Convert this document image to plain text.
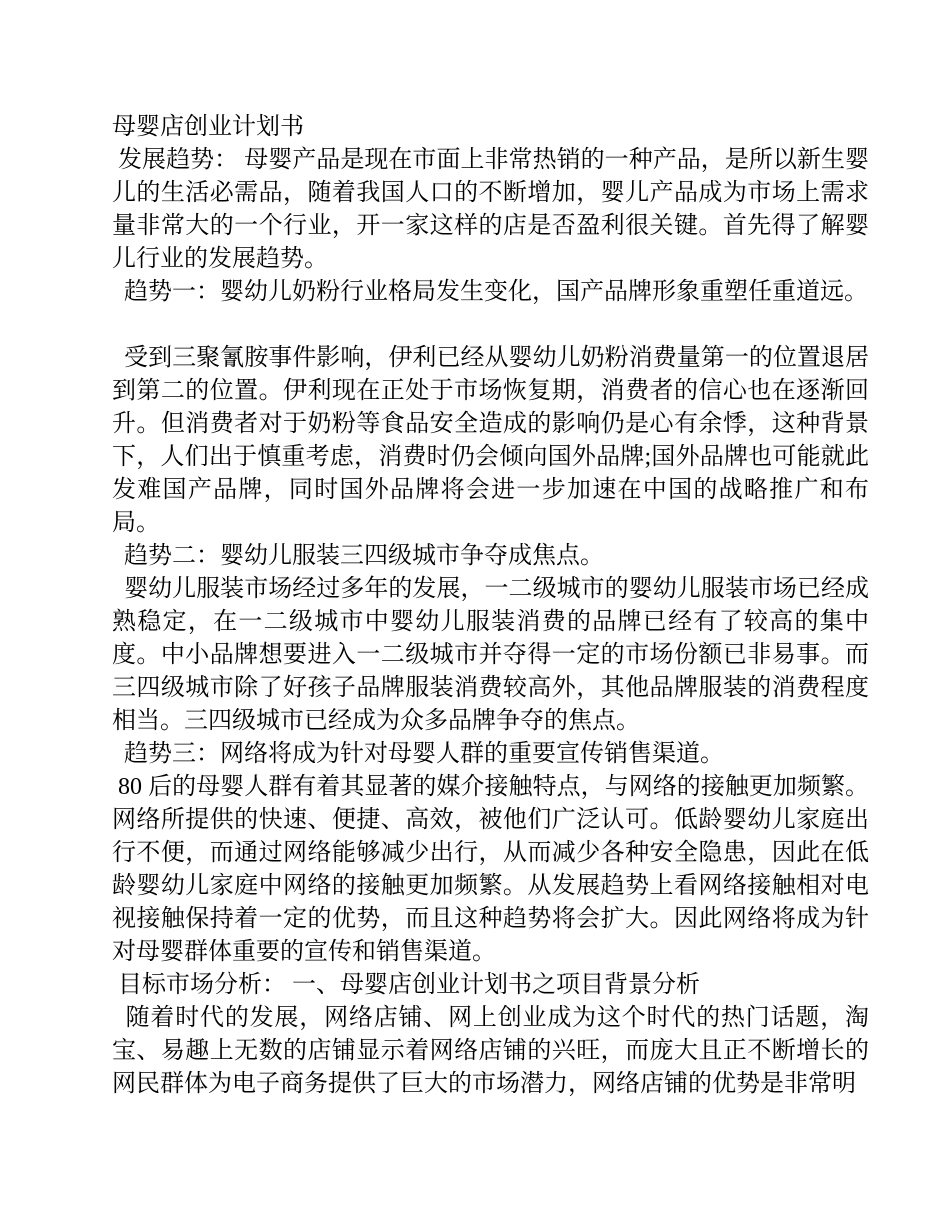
母婴店创业计划书

发展趋势： 母婴产品是现在市面上非常热销的一种产品，是所以新生婴儿的生活必需品，随着我国人口的不断增加，婴儿产品成为市场上需求量非常大的一个行业，开一家这样的店是否盈利很关键。首先得了解婴儿行业的发展趋势。

趋势一：婴幼儿奶粉行业格局发生变化，国产品牌形象重塑任重道远。

受到三聚氰胺事件影响，伊利已经从婴幼儿奶粉消费量第一的位置退居到第二的位置。伊利现在正处于市场恢复期，消费者的信心也在逐渐回升。但消费者对于奶粉等食品安全造成的影响仍是心有余悸，这种背景下，人们出于慎重考虑，消费时仍会倾向国外品牌;国外品牌也可能就此发难国产品牌，同时国外品牌将会进一步加速在中国的战略推广和布局。

趋势二：婴幼儿服装三四级城市争夺成焦点。

婴幼儿服装市场经过多年的发展，一二级城市的婴幼儿服装市场已经成熟稳定，在一二级城市中婴幼儿服装消费的品牌已经有了较高的集中度。中小品牌想要进入一二级城市并夺得一定的市场份额已非易事。而三四级城市除了好孩子品牌服装消费较高外，其他品牌服装的消费程度相当。三四级城市已经成为众多品牌争夺的焦点。

趋势三：网络将成为针对母婴人群的重要宣传销售渠道。

80 后的母婴人群有着其显著的媒介接触特点，与网络的接触更加频繁。网络所提供的快速、便捷、高效，被他们广泛认可。低龄婴幼儿家庭出行不便，而通过网络能够减少出行，从而减少各种安全隐患，因此在低龄婴幼儿家庭中网络的接触更加频繁。从发展趋势上看网络接触相对电视接触保持着一定的优势，而且这种趋势将会扩大。因此网络将成为针对母婴群体重要的宣传和销售渠道。

目标市场分析： 一、母婴店创业计划书之项目背景分析

随着时代的发展，网络店铺、网上创业成为这个时代的热门话题，淘宝、易趣上无数的店铺显示着网络店铺的兴旺，而庞大且正不断增长的网民群体为电子商务提供了巨大的市场潜力，网络店铺的优势是非常明
